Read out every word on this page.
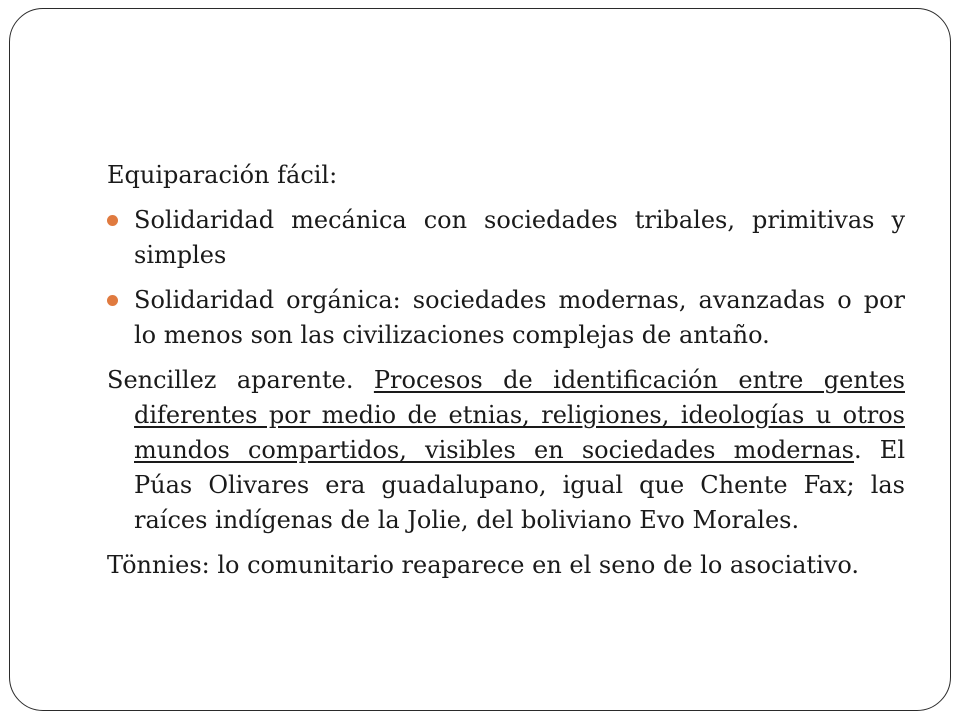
Equiparación fácil:

Solidaridad mecánica con sociedades tribales, primitivas y simples
Solidaridad orgánica: sociedades modernas, avanzadas o por lo menos son las civilizaciones complejas de antaño.

Sencillez aparente. Procesos de identificación entre gentes diferentes por medio de etnias, religiones, ideologías u otros mundos compartidos, visibles en sociedades modernas. El Púas Olivares era guadalupano, igual que Chente Fax; las raíces indígenas de la Jolie, del boliviano Evo Morales.

Tönnies: lo comunitario reaparece en el seno de lo asociativo.
